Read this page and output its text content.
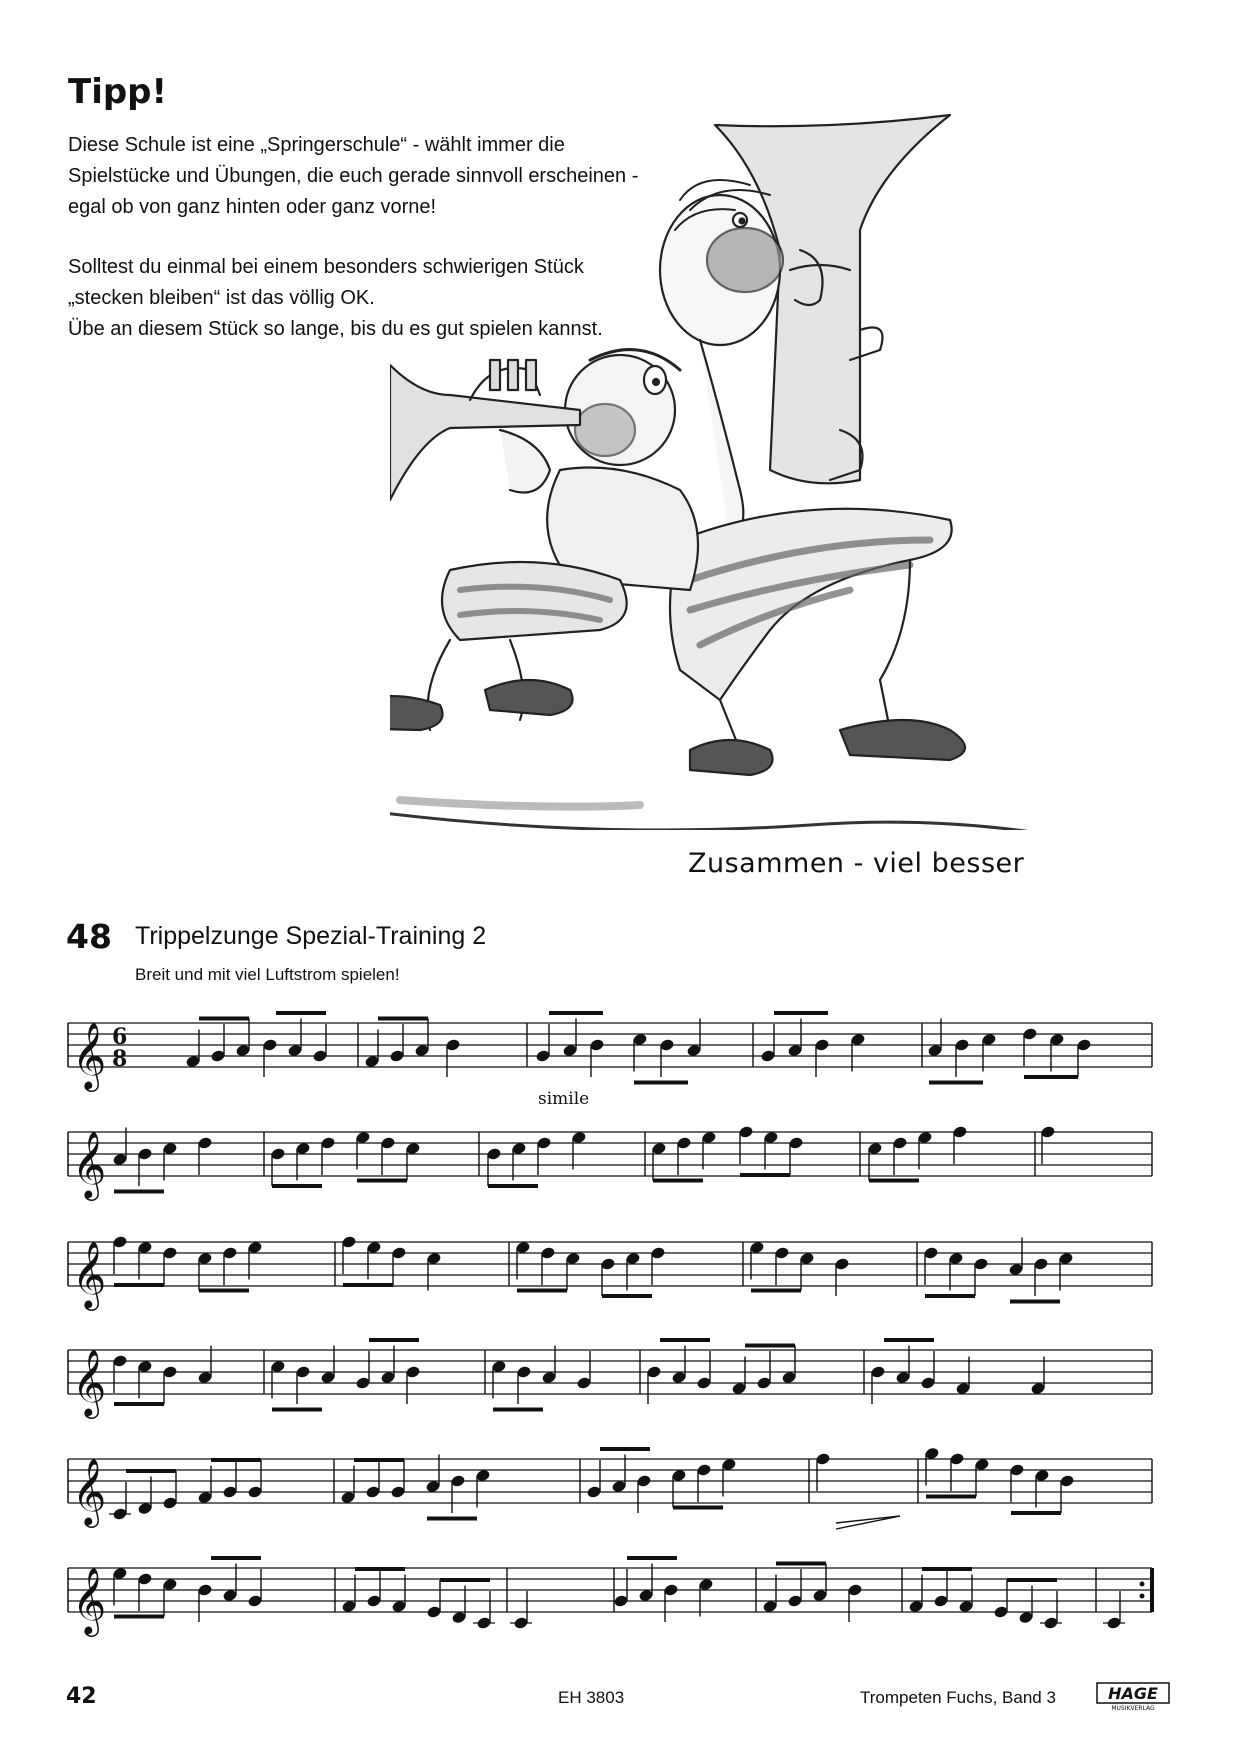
Tipp!
Diese Schule ist eine „Springerschule“ - wählt immer die
Spielstücke und Übungen, die euch gerade sinnvoll erscheinen -
egal ob von ganz hinten oder ganz vorne!
Solltest du einmal bei einem besonders schwierigen Stück
„stecken bleiben“ ist das völlig OK.
Übe an diesem Stück so lange, bis du es gut spielen kannst.
Zusammen - viel besser
48 Trippelzunge Spezial-Training 2
Breit und mit viel Luftstrom spielen!
𝄞
𝄞
𝄞
𝄞
𝄞
𝄞
6
8
simile
42	EH 3803	Trompeten Fuchs, Band 3	HAGE
MUSIKVERLAG
